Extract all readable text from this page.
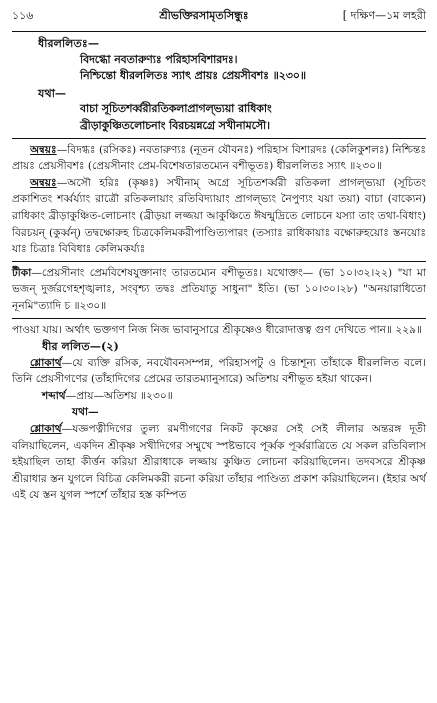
১১৬	শ্রীভক্তিরসামৃতসিন্ধুঃ	[ দক্ষিণ—১ম লহরী
ধীরললিতঃ—
বিদগ্ধো নবতারুণ্যঃ পরিহাসবিশারদঃ।
নিশ্চিন্তো ধীরললিতঃ স্যাৎ প্রায়ঃ প্রেয়সীবশঃ ॥২৩০॥
যথা—
বাচা সূচিতশর্ব্বরীরতিকলাপ্রাগল্ভ্যয়া রাধিকাং
ব্রীড়াকুঞ্চিতলোচনাং বিরচয়ন্নগ্রে সখীনামসৌ।

অন্বয়ঃ—বিদগ্ধঃ (রসিকঃ) নবতারুণ্যঃ (নূতন যৌবনঃ) পরিহাস বিশারদঃ (কেলিকুশলঃ) নিশ্চিন্তঃ প্রায়ঃ প্রেয়সীবশঃ (প্রেয়সীনাং প্রেম-বিশেষতারতম্যেন বশীভূতঃ) ধীরললিতঃ স্যাৎ ॥২৩০॥

অন্বয়ঃ—অসৌ হরিঃ (কৃষ্ণঃ) সখীনাম্ অগ্রে সূচিতশর্ব্বরী রতিকলা প্রাগল্ভ্যয়া (সূচিতং প্রকাশিতং শর্ব্বর্য্যাং রাত্রৌ রতিকলায়াং রতিবিদ্যায়াং প্রাগল্ভ্যং নৈপুণ্যং যয়া তয়া) বাচা (বাক্যেন) রাধিকাং ব্রীড়াকুঞ্চিত-লোচনাং (ব্রীড়য়া লজ্জয়া আকুঞ্চিতে ঈষন্মুদ্রিতে লোচনে যস্যা তাং তথা-বিধাং) বিরচয়ন্ (কুর্ব্বন্) তদ্বক্ষোরুহ চিত্রকেলিমকরীপাণ্ডিত্যপারং (তস্যাঃ রাধিকায়াঃ বক্ষোরুহয়োঃ স্তনয়োঃ যাঃ চিত্রাঃ বিবিধাঃ কেলিমকর্য্যঃ

টীকা—প্রেয়সীনাং প্রেমবিশেষযুক্তানাং তারতম্যেন বশীভূতঃ। যথোক্তং— (ভা ১০।৩২।২২) "যা মা ভজন্ দুর্জরগেহশৃঙ্খলাঃ, সংবৃশ্চ্য তদ্বঃ প্রতিযাতু সাধুনা" ইতি। (ভা ১০।৩০।২৮) "অনয়ারাধিতো নূনমি"ত্যাদি চ ॥২৩০॥

পাওয়া যায়। অর্থাৎ ভক্তগণ নিজ নিজ ভাবানুসারে শ্রীকৃষ্ণেও ধীরোদাত্তত্ব গুণ দেখিতে পান॥ ২২৯॥

ধীর ললিত—(২)

শ্লোকার্থ—যে ব্যক্তি রসিক, নবযৌবনসম্পন্ন, পরিহাসপটু ও চিন্তাশূন্য তাঁহাকে ধীরললিত বলে। তিনি প্রেয়সীগণের (তাঁহাদিগের প্রেমের তারতম্যানুসারে) অতিশয় বশীভূত হইয়া থাকেন।

শব্দার্থ—প্রায়—অতিশয় ॥২৩০॥

যথা—

শ্লোকার্থ—যজ্ঞপত্নীদিগের তুল্য রমণীগণের নিকট কৃষ্ণের সেই সেই লীলার অন্তরঙ্গ দূতী বলিয়াছিলেন, একদিন শ্রীকৃষ্ণ সখীদিগের সম্মুখে স্পষ্টভাবে পূর্ব্বক পূর্ব্বরাত্রিতে যে সকল রতিবিলাস হইয়াছিল তাহা কীর্ত্তন করিয়া শ্রীরাধাকে লজ্জায় কুঞ্চিত লোচনা করিয়াছিলেন। তদবসরে শ্রীকৃষ্ণ শ্রীরাধার স্তন যুগলে বিচিত্র কেলিমকরী রচনা করিয়া তাঁহার পাণ্ডিত্য প্রকাশ করিয়াছিলেন। (ইহার অর্থ এই যে স্তন যুগল স্পর্শে তাঁহার হস্ত কম্পিত
